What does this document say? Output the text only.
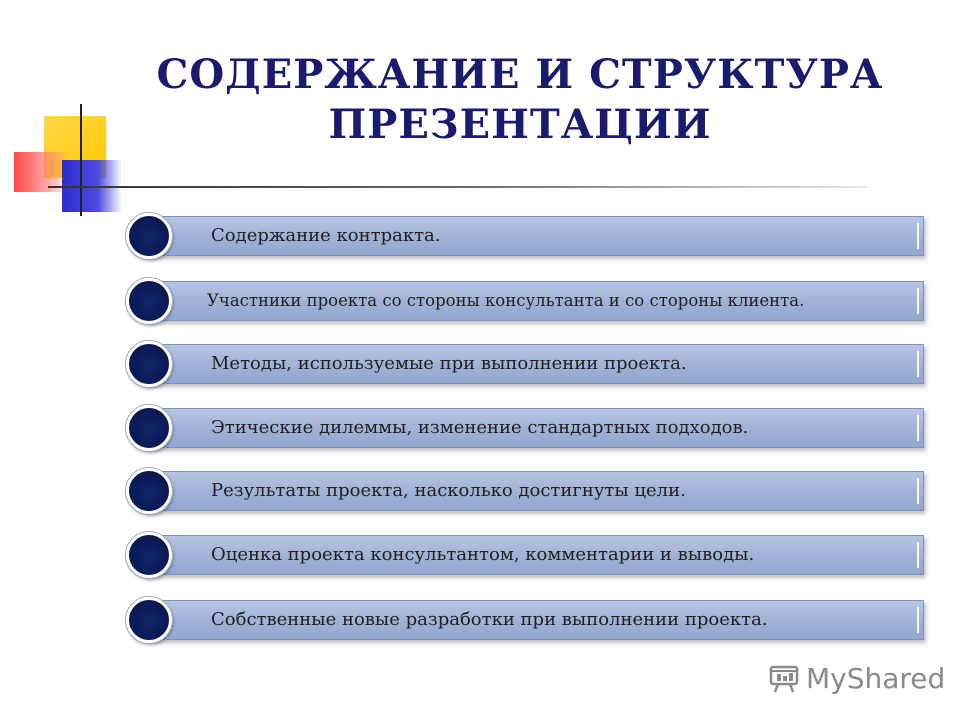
СОДЕРЖАНИЕ И СТРУКТУРА
ПРЕЗЕНТАЦИИ
Содержание контракта.
Участники проекта со стороны консультанта и со стороны клиента.
Методы, используемые при выполнении проекта.
Этические дилеммы, изменение стандартных подходов.
Результаты проекта, насколько достигнуты цели.
Оценка проекта консультантом, комментарии и выводы.
Собственные новые разработки при выполнении проекта.
MyShared
